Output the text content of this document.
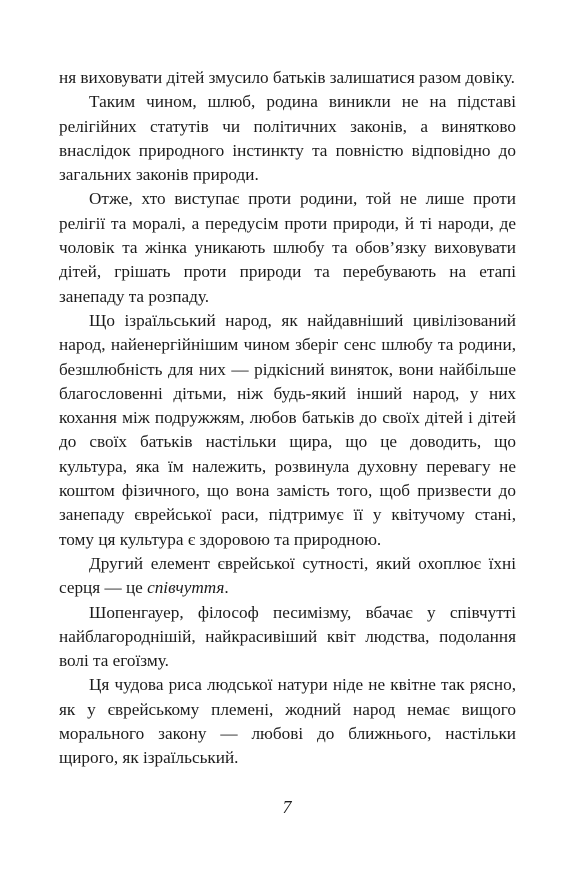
ня виховувати дітей змусило батьків залишатися разом довіку.

Таким чином, шлюб, родина виникли не на підставі релігійних статутів чи політичних законів, а винятково внаслідок природного інстинкту та повністю відповідно до загальних законів природи.

Отже, хто виступає проти родини, той не лише проти релігії та моралі, а передусім проти природи, й ті народи, де чоловік та жінка уникають шлюбу та обов’язку виховувати дітей, грішать проти природи та перебувають на етапі занепаду та розпаду.

Що ізраїльський народ, як найдавніший цивілізований народ, найенергійнішим чином зберіг сенс шлюбу та родини, безшлюбність для них — рідкісний виняток, вони найбільше благословенні дітьми, ніж будь-який інший народ, у них кохання між подружжям, любов батьків до своїх дітей і дітей до своїх батьків настільки щира, що це доводить, що культура, яка їм належить, розвинула духовну перевагу не коштом фізичного, що вона замість того, щоб призвести до занепаду єврейської раси, підтримує її у квітучому стані, тому ця культура є здоровою та природною.

Другий елемент єврейської сутності, який охоплює їхні серця — це співчуття.

Шопенгауер, філософ песимізму, вбачає у співчутті найблагороднішій, найкрасивіший квіт людства, подолання волі та егоїзму.

Ця чудова риса людської натури ніде не квітне так рясно, як у єврейському племені, жодний народ немає вищого морального закону — любові до ближнього, настільки щирого, як ізраїльський.

7
